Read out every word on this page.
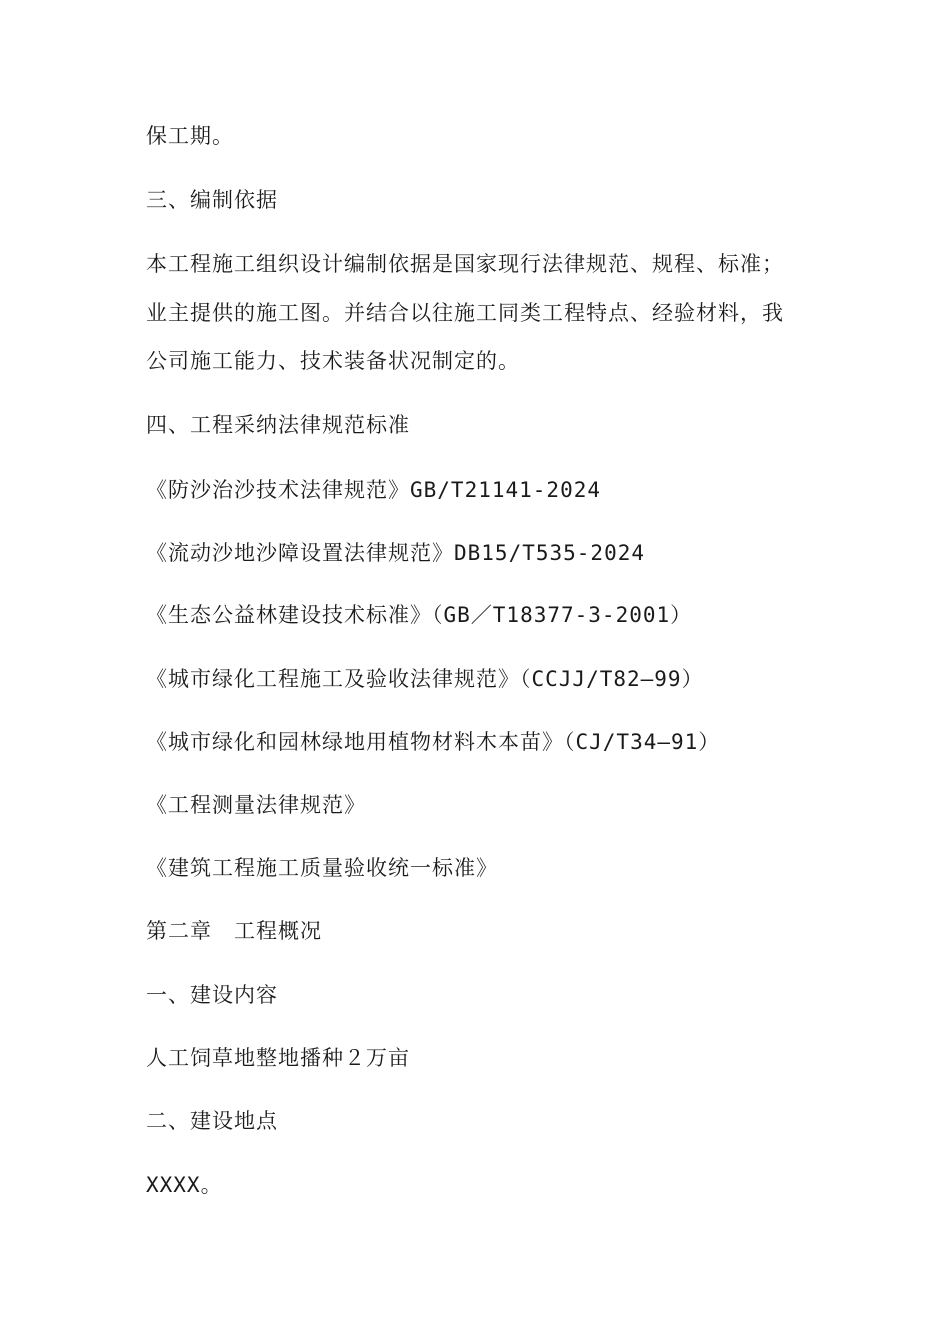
保工期。
三、编制依据
本工程施工组织设计编制依据是国家现行法律规范、规程、标准；
业主提供的施工图。并结合以往施工同类工程特点、经验材料，我
公司施工能力、技术装备状况制定的。
四、工程采纳法律规范标准
《防沙治沙技术法律规范》GB/T21141-2024
《流动沙地沙障设置法律规范》DB15/T535-2024
《生态公益林建设技术标准》（GB／T18377-3-2001）
《城市绿化工程施工及验收法律规范》（CCJJ/T82—99）
《城市绿化和园林绿地用植物材料木本苗》（CJ/T34—91）
《工程测量法律规范》
《建筑工程施工质量验收统一标准》
第二章　工程概况
一、建设内容
人工饲草地整地播种２万亩
二、建设地点
XXXX。
